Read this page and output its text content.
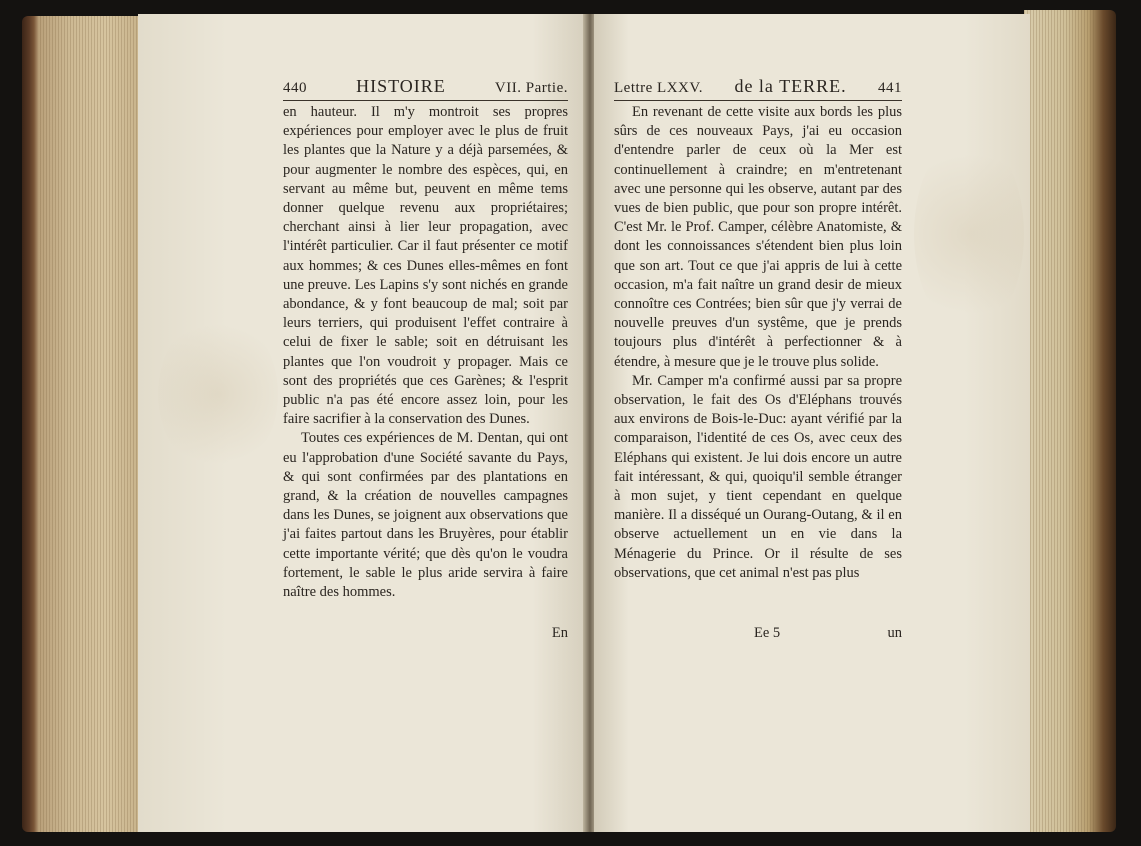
440	HISTOIRE	VII. Partie.

en hauteur. Il m'y montroit ses propres expériences pour employer avec le plus de fruit les plantes que la Nature y a déjà parsemées, & pour augmenter le nombre des espèces, qui, en servant au même but, peuvent en même tems donner quelque revenu aux propriétaires; cherchant ainsi à lier leur propagation, avec l'intérêt particulier. Car il faut présenter ce motif aux hommes; & ces Dunes elles-mêmes en font une preuve. Les Lapins s'y sont nichés en grande abondance, & y font beaucoup de mal; soit par leurs terriers, qui produisent l'effet contraire à celui de fixer le sable; soit en détruisant les plantes que l'on voudroit y propager. Mais ce sont des propriétés que ces Garènes; & l'esprit public n'a pas été encore assez loin, pour les faire sacrifier à la conservation des Dunes.

Toutes ces expériences de M. Dentan, qui ont eu l'approbation d'une Société savante du Pays, & qui sont confirmées par des plantations en grand, & la création de nouvelles campagnes dans les Dunes, se joignent aux observations que j'ai faites partout dans les Bruyères, pour établir cette importante vérité; que dès qu'on le voudra fortement, le sable le plus aride servira à faire naître des hommes.

En
Lettre LXXV. de la TERRE. 441

En revenant de cette visite aux bords les plus sûrs de ces nouveaux Pays, j'ai eu occasion d'entendre parler de ceux où la Mer est continuellement à craindre; en m'entretenant avec une personne qui les observe, autant par des vues de bien public, que pour son propre intérêt. C'est Mr. le Prof. Camper, célèbre Anatomiste, & dont les connoissances s'étendent bien plus loin que son art. Tout ce que j'ai appris de lui à cette occasion, m'a fait naître un grand desir de mieux connoître ces Contrées; bien sûr que j'y verrai de nouvelle preuves d'un systême, que je prends toujours plus d'intérêt à perfectionner & à étendre, à mesure que je le trouve plus solide.

Mr. Camper m'a confirmé aussi par sa propre observation, le fait des Os d'Eléphans trouvés aux environs de Bois-le-Duc: ayant vérifié par la comparaison, l'identité de ces Os, avec ceux des Eléphans qui existent. Je lui dois encore un autre fait intéressant, & qui, quoiqu'il semble étranger à mon sujet, y tient cependant en quelque manière. Il a disséqué un Ourang-Outang, & il en observe actuellement un en vie dans la Ménagerie du Prince. Or il résulte de ses observations, que cet animal n'est pas plus

Ee 5	un
